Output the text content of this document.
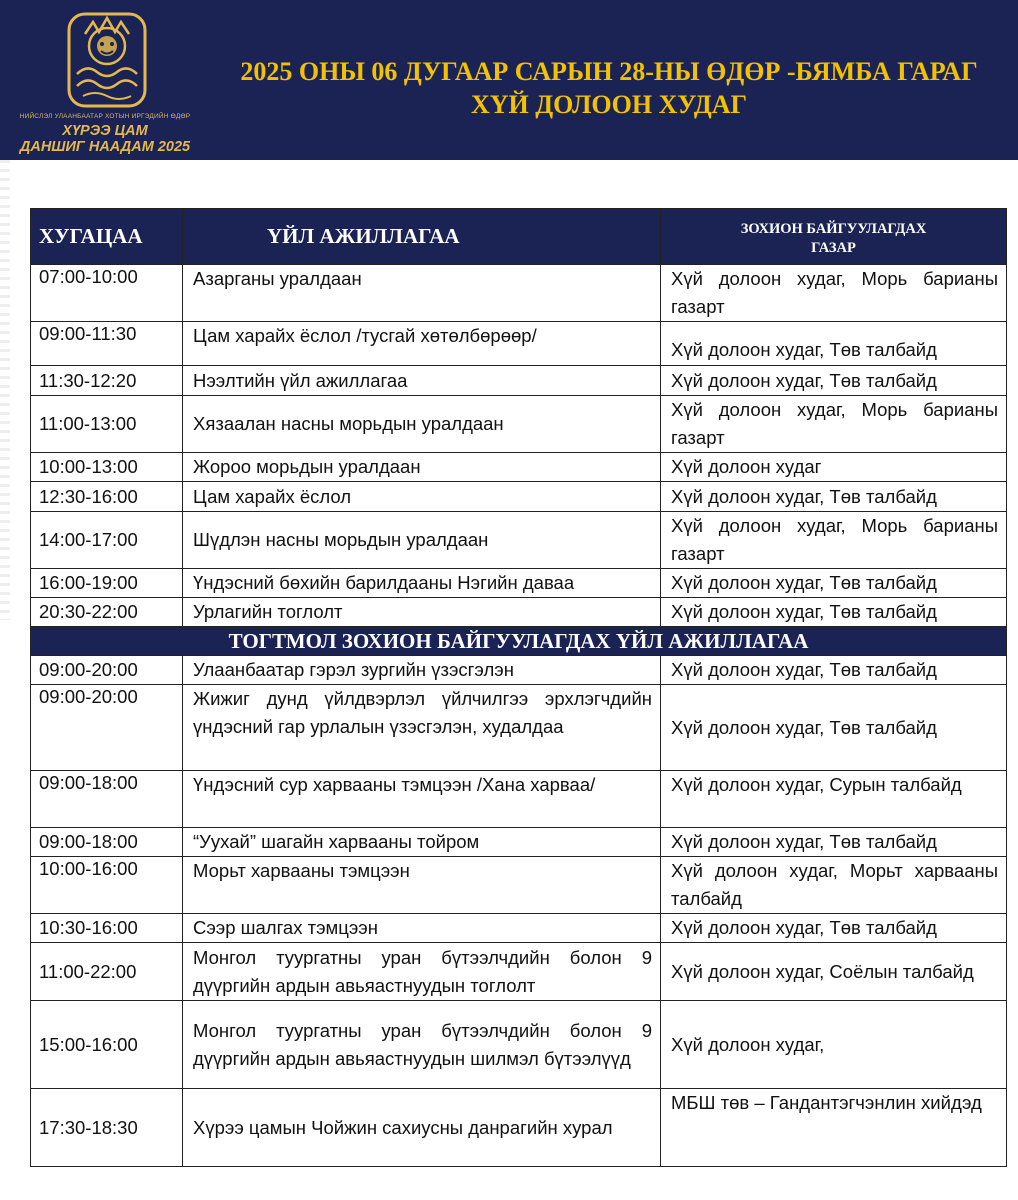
НИЙСЛЭЛ УЛААНБААТАР ХОТЫН ИРГЭДИЙН ӨДӨР
ХҮРЭЭ ЦАМ
ДАНШИГ НААДАМ 2025
2025 ОНЫ 06 ДУГААР САРЫН 28-НЫ ӨДӨР -БЯМБА ГАРАГ
ХҮЙ ДОЛООН ХУДАГ
ХУГАЦАА	ҮЙЛ АЖИЛЛАГАА	ЗОХИОН БАЙГУУЛАГДАХ
ГАЗАР
07:00-10:00	Азарганы уралдаан	Хүй долоон худаг, Морь барианы газарт
09:00-11:30	Цам харайх ёслол /тусгай хөтөлбөрөөр/	Хүй долоон худаг, Төв талбайд
11:30-12:20	Нээлтийн үйл ажиллагаа	Хүй долоон худаг, Төв талбайд
11:00-13:00	Хязаалан насны морьдын уралдаан	Хүй долоон худаг, Морь барианы газарт
10:00-13:00	Жороо морьдын уралдаан	Хүй долоон худаг
12:30-16:00	Цам харайх ёслол	Хүй долоон худаг, Төв талбайд
14:00-17:00	Шүдлэн насны морьдын уралдаан	Хүй долоон худаг, Морь барианы газарт
16:00-19:00	Үндэсний бөхийн барилдааны Нэгийн даваа	Хүй долоон худаг, Төв талбайд
20:30-22:00	Урлагийн тоглолт	Хүй долоон худаг, Төв талбайд
ТОГТМОЛ ЗОХИОН БАЙГУУЛАГДАХ ҮЙЛ АЖИЛЛАГАА		
09:00-20:00	Улаанбаатар гэрэл зургийн үзэсгэлэн	Хүй долоон худаг, Төв талбайд
09:00-20:00	Жижиг дунд үйлдвэрлэл үйлчилгээ эрхлэгчдийн үндэсний гар урлалын үзэсгэлэн, худалдаа	Хүй долоон худаг, Төв талбайд
09:00-18:00	Үндэсний сур харвааны тэмцээн /Хана харваа/	Хүй долоон худаг, Сурын талбайд
09:00-18:00	“Уухай” шагайн харвааны тойром	Хүй долоон худаг, Төв талбайд
10:00-16:00	Морьт харвааны тэмцээн	Хүй долоон худаг, Морьт харвааны талбайд
10:30-16:00	Сээр шалгах тэмцээн	Хүй долоон худаг, Төв талбайд
11:00-22:00	Монгол туургатны уран бүтээлчдийн болон 9 дүүргийн ардын авьяастнуудын тоглолт	Хүй долоон худаг, Соёлын талбайд
15:00-16:00	Монгол туургатны уран бүтээлчдийн болон 9 дүүргийн ардын авьяастнуудын шилмэл бүтээлүүд	Хүй долоон худаг,
17:30-18:30	Хүрээ цамын Чойжин сахиусны данрагийн хурал	МБШ төв – Гандантэгчэнлин хийдэд
